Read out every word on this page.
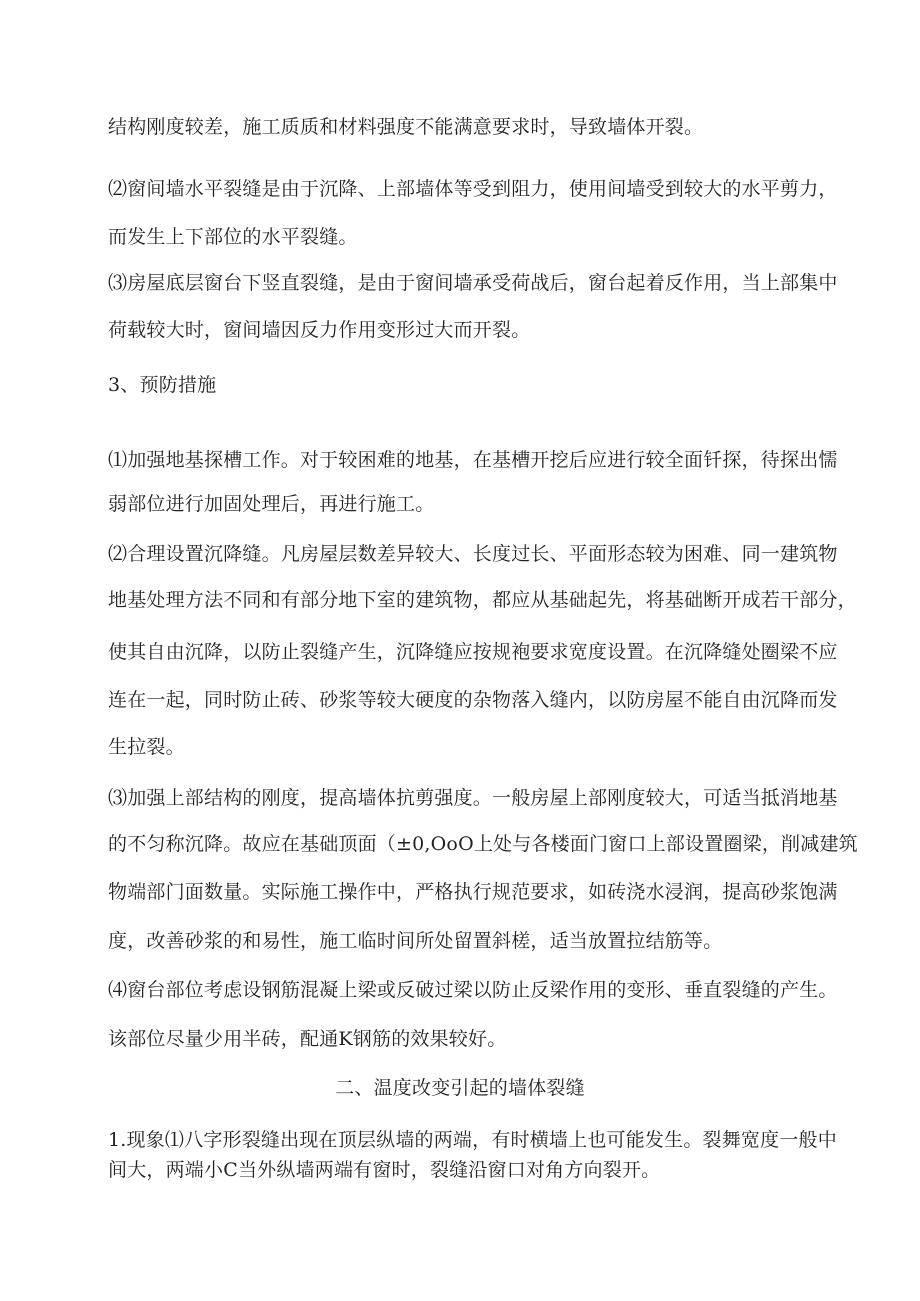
结构刚度较差，施工质质和材料强度不能满意要求时，导致墙体开裂。
⑵窗间墙水平裂缝是由于沉降、上部墙体等受到阻力，使用间墙受到较大的水平剪力，
而发生上下部位的水平裂缝。
⑶房屋底层窗台下竖直裂缝，是由于窗间墙承受荷战后，窗台起着反作用，当上部集中
荷载较大时，窗间墙因反力作用变形过大而开裂。
3、预防措施
⑴加强地基探槽工作。对于较困难的地基，在基槽开挖后应进行较全面钎探，待探出懦
弱部位进行加固处理后，再进行施工。
⑵合理设置沉降缝。凡房屋层数差异较大、长度过长、平面形态较为困难、同一建筑物
地基处理方法不同和有部分地下室的建筑物，都应从基础起先，将基础断开成若干部分，
使其自由沉降，以防止裂缝产生，沉降缝应按规袍要求宽度设置。在沉降缝处圈梁不应
连在一起，同时防止砖、砂浆等较大硬度的杂物落入缝内，以防房屋不能自由沉降而发
生拉裂。
⑶加强上部结构的刚度，提高墙体抗剪强度。一般房屋上部刚度较大，可适当抵消地基
的不匀称沉降。故应在基础顶面（±0,OoO上处与各楼面门窗口上部设置圈梁，削减建筑
物端部门面数量。实际施工操作中，严格执行规范要求，如砖浇水浸润，提高砂浆饱满
度，改善砂浆的和易性，施工临时间所处留置斜槎，适当放置拉结筋等。
⑷窗台部位考虑设钢筋混凝上梁或反破过梁以防止反梁作用的变形、垂直裂缝的产生。
该部位尽量少用半砖，配通K钢筋的效果较好。
二、温度改变引起的墙体裂缝
1.现象⑴八字形裂缝出现在顶层纵墙的两端，有时横墙上也可能发生。裂舞宽度一般中
间大，两端小C当外纵墙两端有窗时，裂缝沿窗口对角方向裂开。
